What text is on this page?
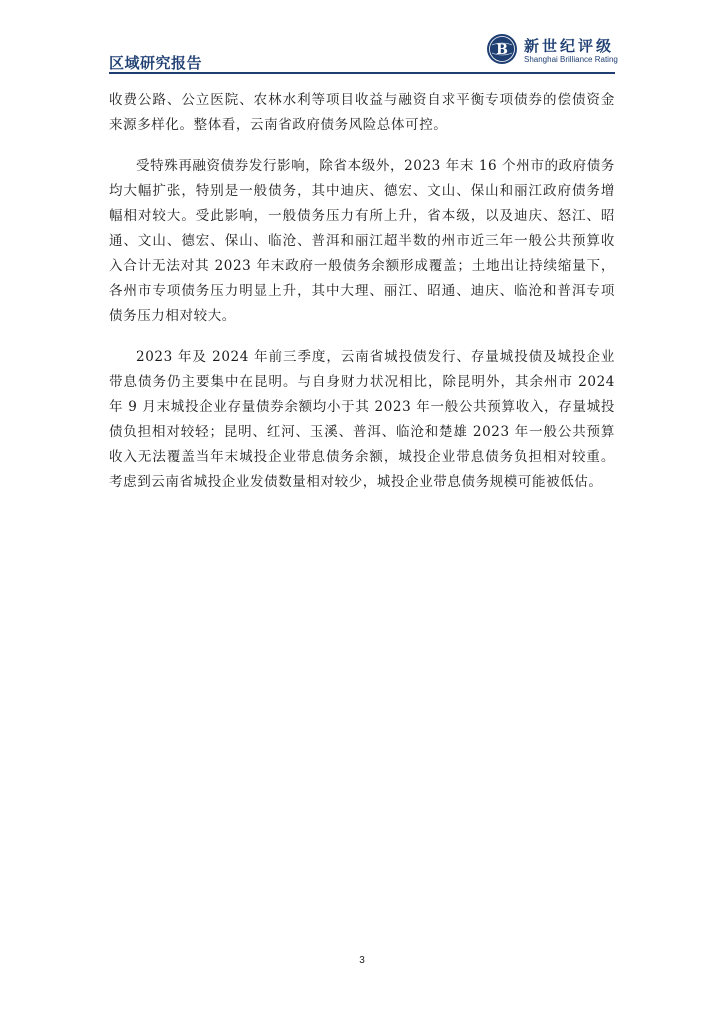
区域研究报告
B 新世纪评级
Shanghai Brilliance Rating

收费公路、公立医院、农林水利等项目收益与融资自求平衡专项债券的偿债资金来源多样化。整体看，云南省政府债务风险总体可控。

受特殊再融资债券发行影响，除省本级外，2023 年末 16 个州市的政府债务均大幅扩张，特别是一般债务，其中迪庆、德宏、文山、保山和丽江政府债务增幅相对较大。受此影响，一般债务压力有所上升，省本级，以及迪庆、怒江、昭通、文山、德宏、保山、临沧、普洱和丽江超半数的州市近三年一般公共预算收入合计无法对其 2023 年末政府一般债务余额形成覆盖；土地出让持续缩量下，各州市专项债务压力明显上升，其中大理、丽江、昭通、迪庆、临沧和普洱专项债务压力相对较大。

2023 年及 2024 年前三季度，云南省城投债发行、存量城投债及城投企业带息债务仍主要集中在昆明。与自身财力状况相比，除昆明外，其余州市 2024 年 9 月末城投企业存量债券余额均小于其 2023 年一般公共预算收入，存量城投债负担相对较轻；昆明、红河、玉溪、普洱、临沧和楚雄 2023 年一般公共预算收入无法覆盖当年末城投企业带息债务余额，城投企业带息债务负担相对较重。考虑到云南省城投企业发债数量相对较少，城投企业带息债务规模可能被低估。

3
